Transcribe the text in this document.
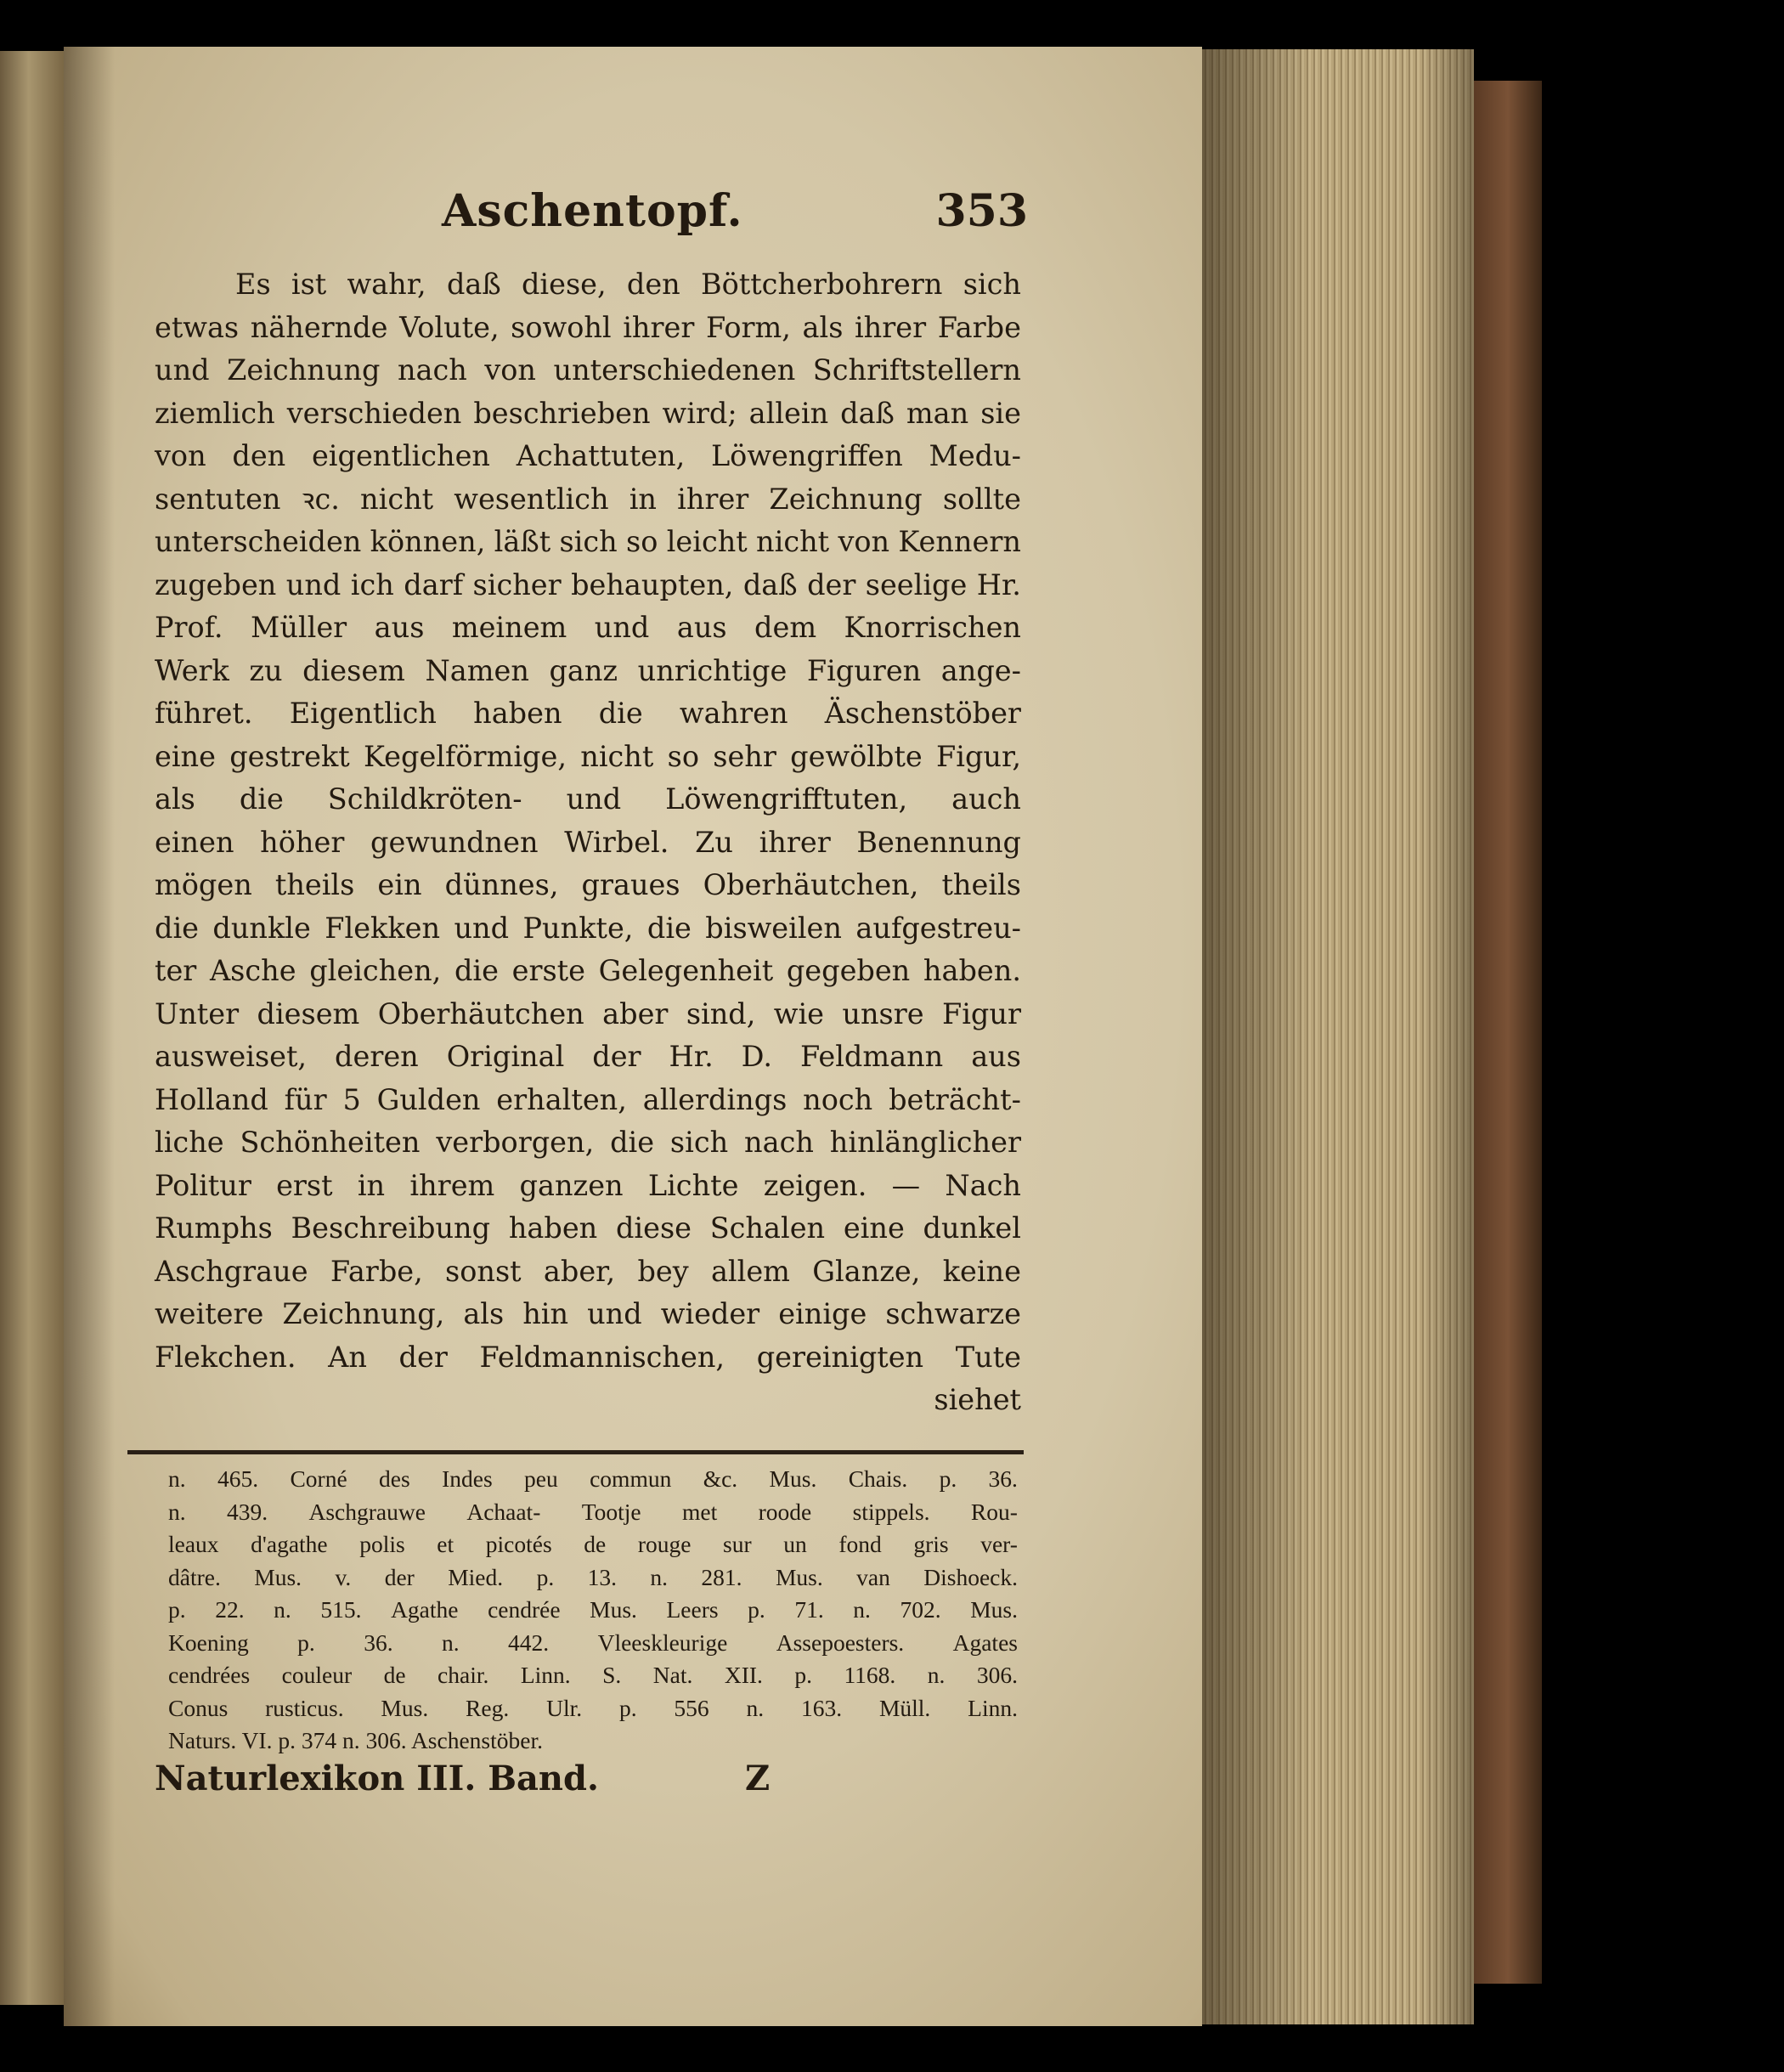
Aschentopf.	353
Es ist wahr, daß diese, den Böttcherbohrern sich
etwas nähernde Volute, sowohl ihrer Form, als ihrer Farbe
und Zeichnung nach von unterschiedenen Schriftstellern
ziemlich verschieden beschrieben wird; allein daß man sie
von den eigentlichen Achattuten, Löwengriffen Medu-
sentuten ꝛc. nicht wesentlich in ihrer Zeichnung sollte
unterscheiden können, läßt sich so leicht nicht von Kennern
zugeben und ich darf sicher behaupten, daß der seelige Hr.
Prof. Müller aus meinem und aus dem Knorrischen
Werk zu diesem Namen ganz unrichtige Figuren ange-
führet. Eigentlich haben die wahren Äschenstöber
eine gestrekt Kegelförmige, nicht so sehr gewölbte Figur,
als die Schildkröten- und Löwengrifftuten, auch
einen höher gewundnen Wirbel. Zu ihrer Benennung
mögen theils ein dünnes, graues Oberhäutchen, theils
die dunkle Flekken und Punkte, die bisweilen aufgestreu-
ter Asche gleichen, die erste Gelegenheit gegeben haben.
Unter diesem Oberhäutchen aber sind, wie unsre Figur
ausweiset, deren Original der Hr. D. Feldmann aus
Holland für 5 Gulden erhalten, allerdings noch beträcht-
liche Schönheiten verborgen, die sich nach hinlänglicher
Politur erst in ihrem ganzen Lichte zeigen. — Nach
Rumphs Beschreibung haben diese Schalen eine dunkel
Aschgraue Farbe, sonst aber, bey allem Glanze, keine
weitere Zeichnung, als hin und wieder einige schwarze
Flekchen. An der Feldmannischen, gereinigten Tute
siehet
n. 465. Corné des Indes peu commun &c. Mus. Chais. p. 36.
n. 439. Aschgrauwe Achaat- Tootje met roode stippels. Rou-
leaux d'agathe polis et picotés de rouge sur un fond gris ver-
dâtre. Mus. v. der Mied. p. 13. n. 281. Mus. van Dishoeck.
p. 22. n. 515. Agathe cendrée Mus. Leers p. 71. n. 702. Mus.
Koening p. 36. n. 442. Vleeskleurige Assepoesters. Agates
cendrées couleur de chair. Linn. S. Nat. XII. p. 1168. n. 306.
Conus rusticus. Mus. Reg. Ulr. p. 556 n. 163. Müll. Linn.
Naturs. VI. p. 374 n. 306. Aschenstöber.
Naturlexikon III. Band.	Z
